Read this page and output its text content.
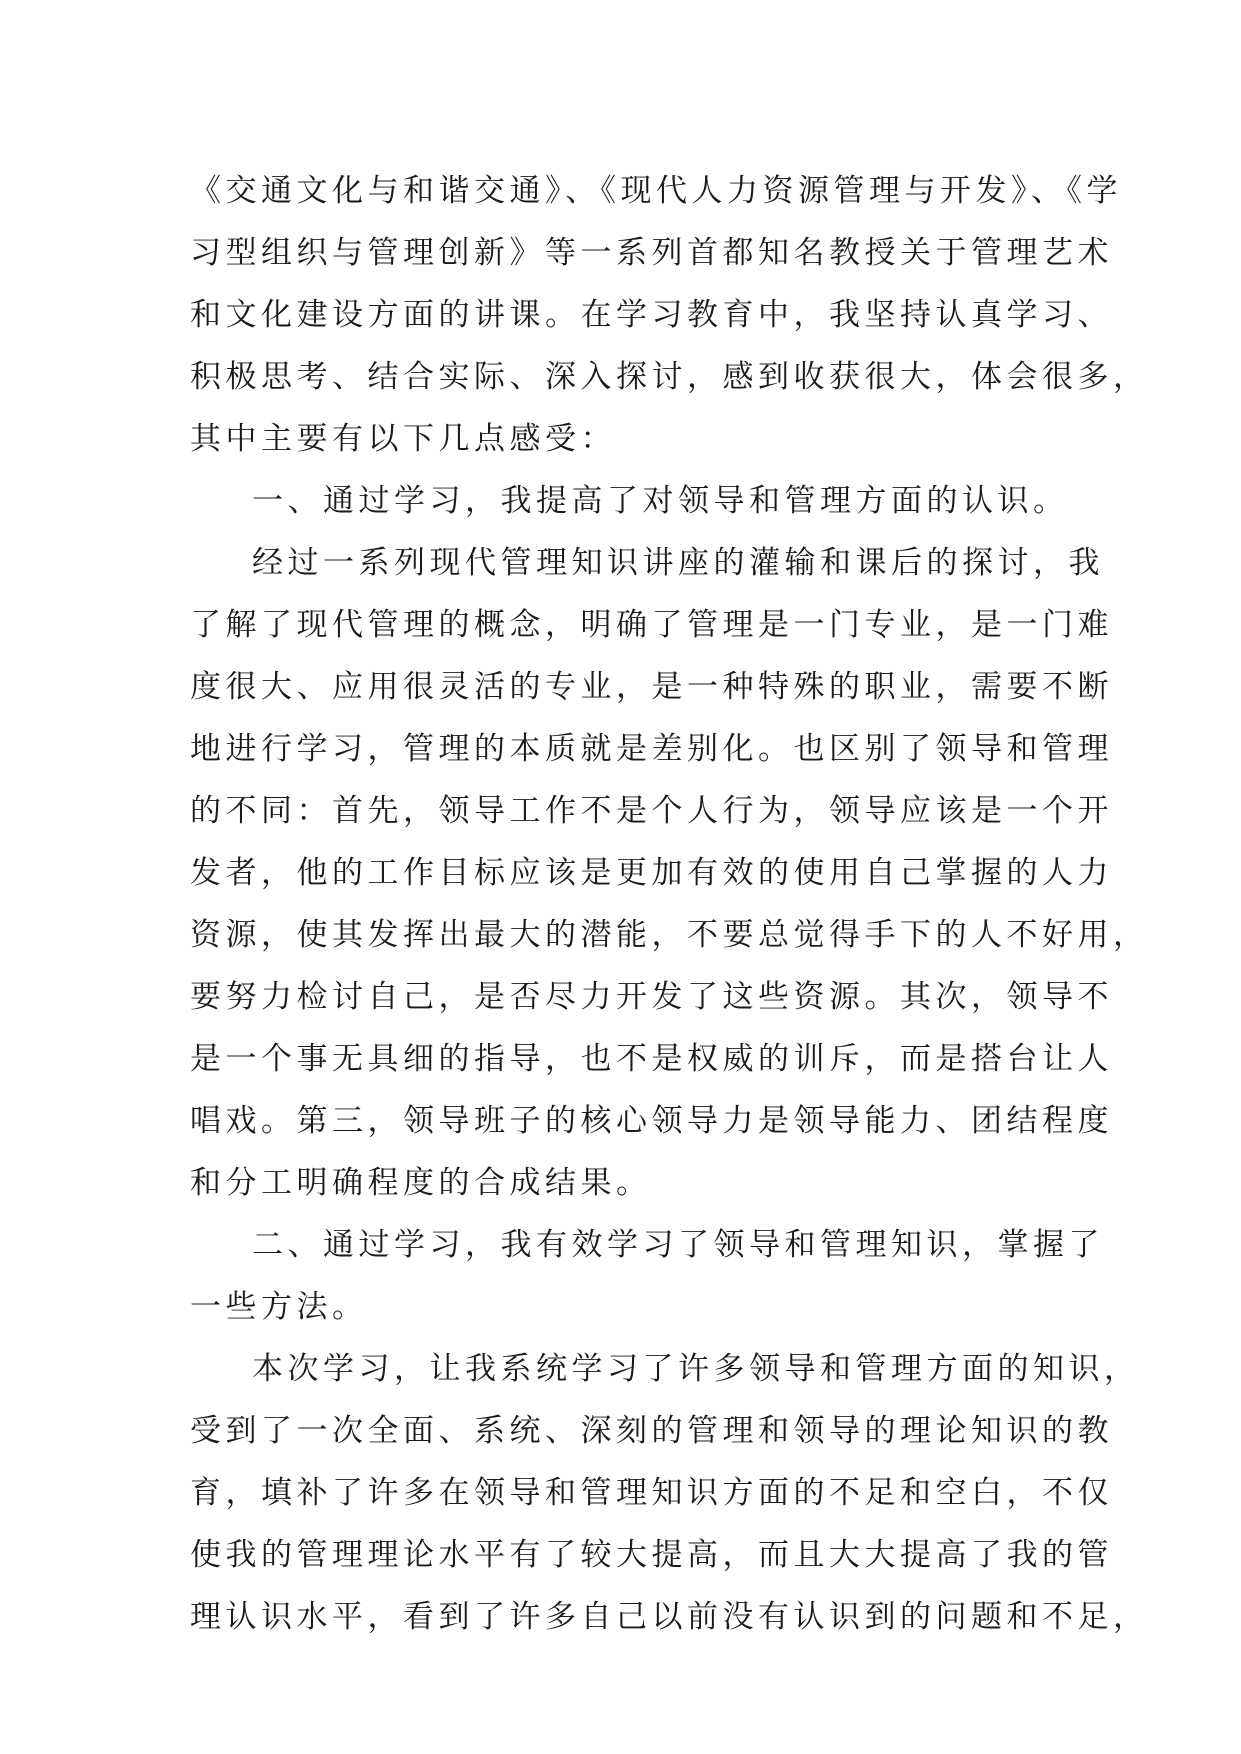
《交通文化与和谐交通》、《现代人力资源管理与开发》、《学
习型组织与管理创新》等一系列首都知名教授关于管理艺术
和文化建设方面的讲课。在学习教育中，我坚持认真学习、
积极思考、结合实际、深入探讨，感到收获很大，体会很多，
其中主要有以下几点感受：
一、通过学习，我提高了对领导和管理方面的认识。
经过一系列现代管理知识讲座的灌输和课后的探讨，我
了解了现代管理的概念，明确了管理是一门专业，是一门难
度很大、应用很灵活的专业，是一种特殊的职业，需要不断
地进行学习，管理的本质就是差别化。也区别了领导和管理
的不同：首先，领导工作不是个人行为，领导应该是一个开
发者，他的工作目标应该是更加有效的使用自己掌握的人力
资源，使其发挥出最大的潜能，不要总觉得手下的人不好用，
要努力检讨自己，是否尽力开发了这些资源。其次，领导不
是一个事无具细的指导，也不是权威的训斥，而是搭台让人
唱戏。第三，领导班子的核心领导力是领导能力、团结程度
和分工明确程度的合成结果。
二、通过学习，我有效学习了领导和管理知识，掌握了
一些方法。
本次学习，让我系统学习了许多领导和管理方面的知识，
受到了一次全面、系统、深刻的管理和领导的理论知识的教
育，填补了许多在领导和管理知识方面的不足和空白，不仅
使我的管理理论水平有了较大提高，而且大大提高了我的管
理认识水平，看到了许多自己以前没有认识到的问题和不足，
